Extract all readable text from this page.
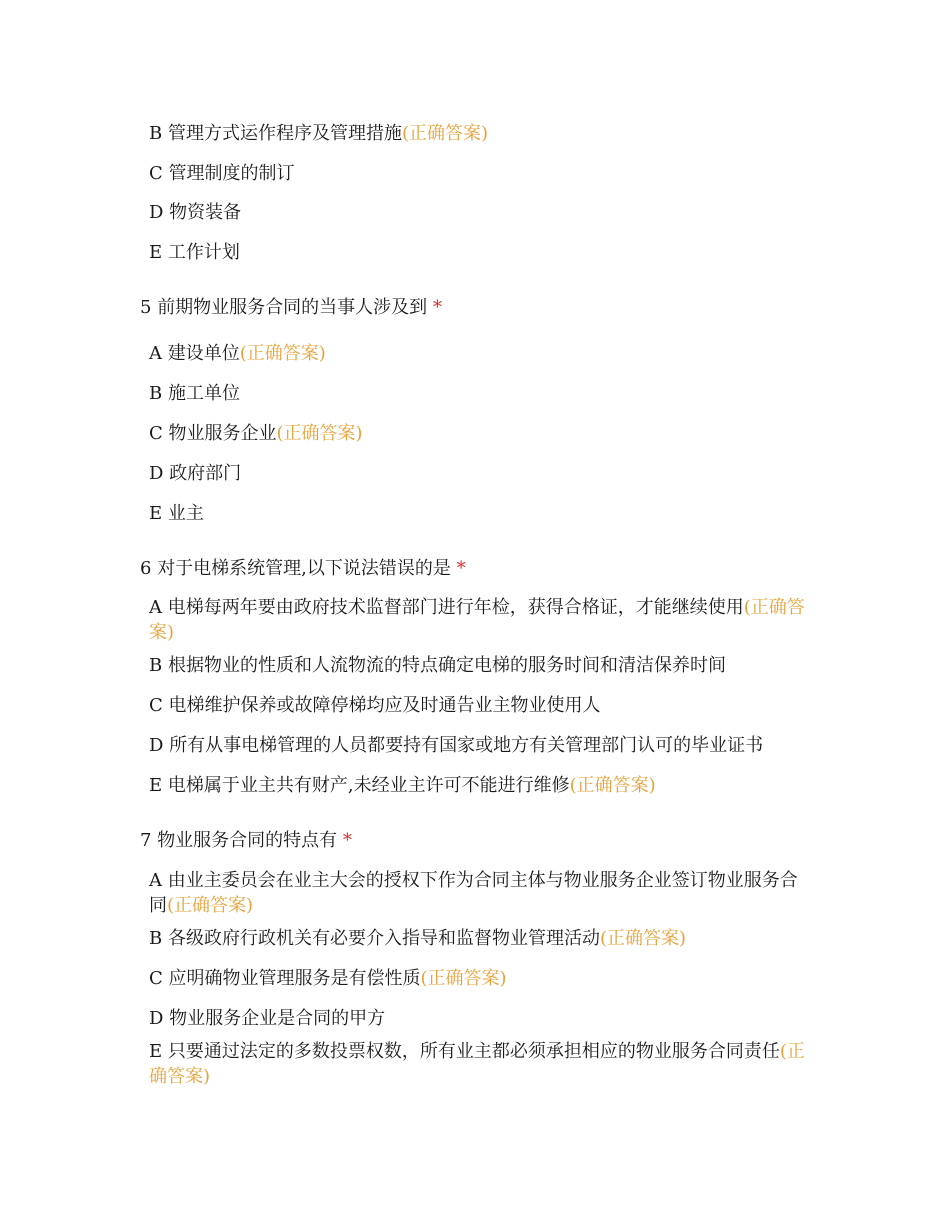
B 管理方式运作程序及管理措施(正确答案)
C 管理制度的制订
D 物资装备
E 工作计划
5 前期物业服务合同的当事人涉及到 *
A 建设单位(正确答案)
B 施工单位
C 物业服务企业(正确答案)
D 政府部门
E 业主
6 对于电梯系统管理,以下说法错误的是 *
A 电梯每两年要由政府技术监督部门进行年检，获得合格证，才能继续使用(正确答案)
B 根据物业的性质和人流物流的特点确定电梯的服务时间和清洁保养时间
C 电梯维护保养或故障停梯均应及时通告业主物业使用人
D 所有从事电梯管理的人员都要持有国家或地方有关管理部门认可的毕业证书
E 电梯属于业主共有财产,未经业主许可不能进行维修(正确答案)
7 物业服务合同的特点有 *
A 由业主委员会在业主大会的授权下作为合同主体与物业服务企业签订物业服务合同(正确答案)
B 各级政府行政机关有必要介入指导和监督物业管理活动(正确答案)
C 应明确物业管理服务是有偿性质(正确答案)
D 物业服务企业是合同的甲方
E 只要通过法定的多数投票权数，所有业主都必须承担相应的物业服务合同责任(正确答案)
